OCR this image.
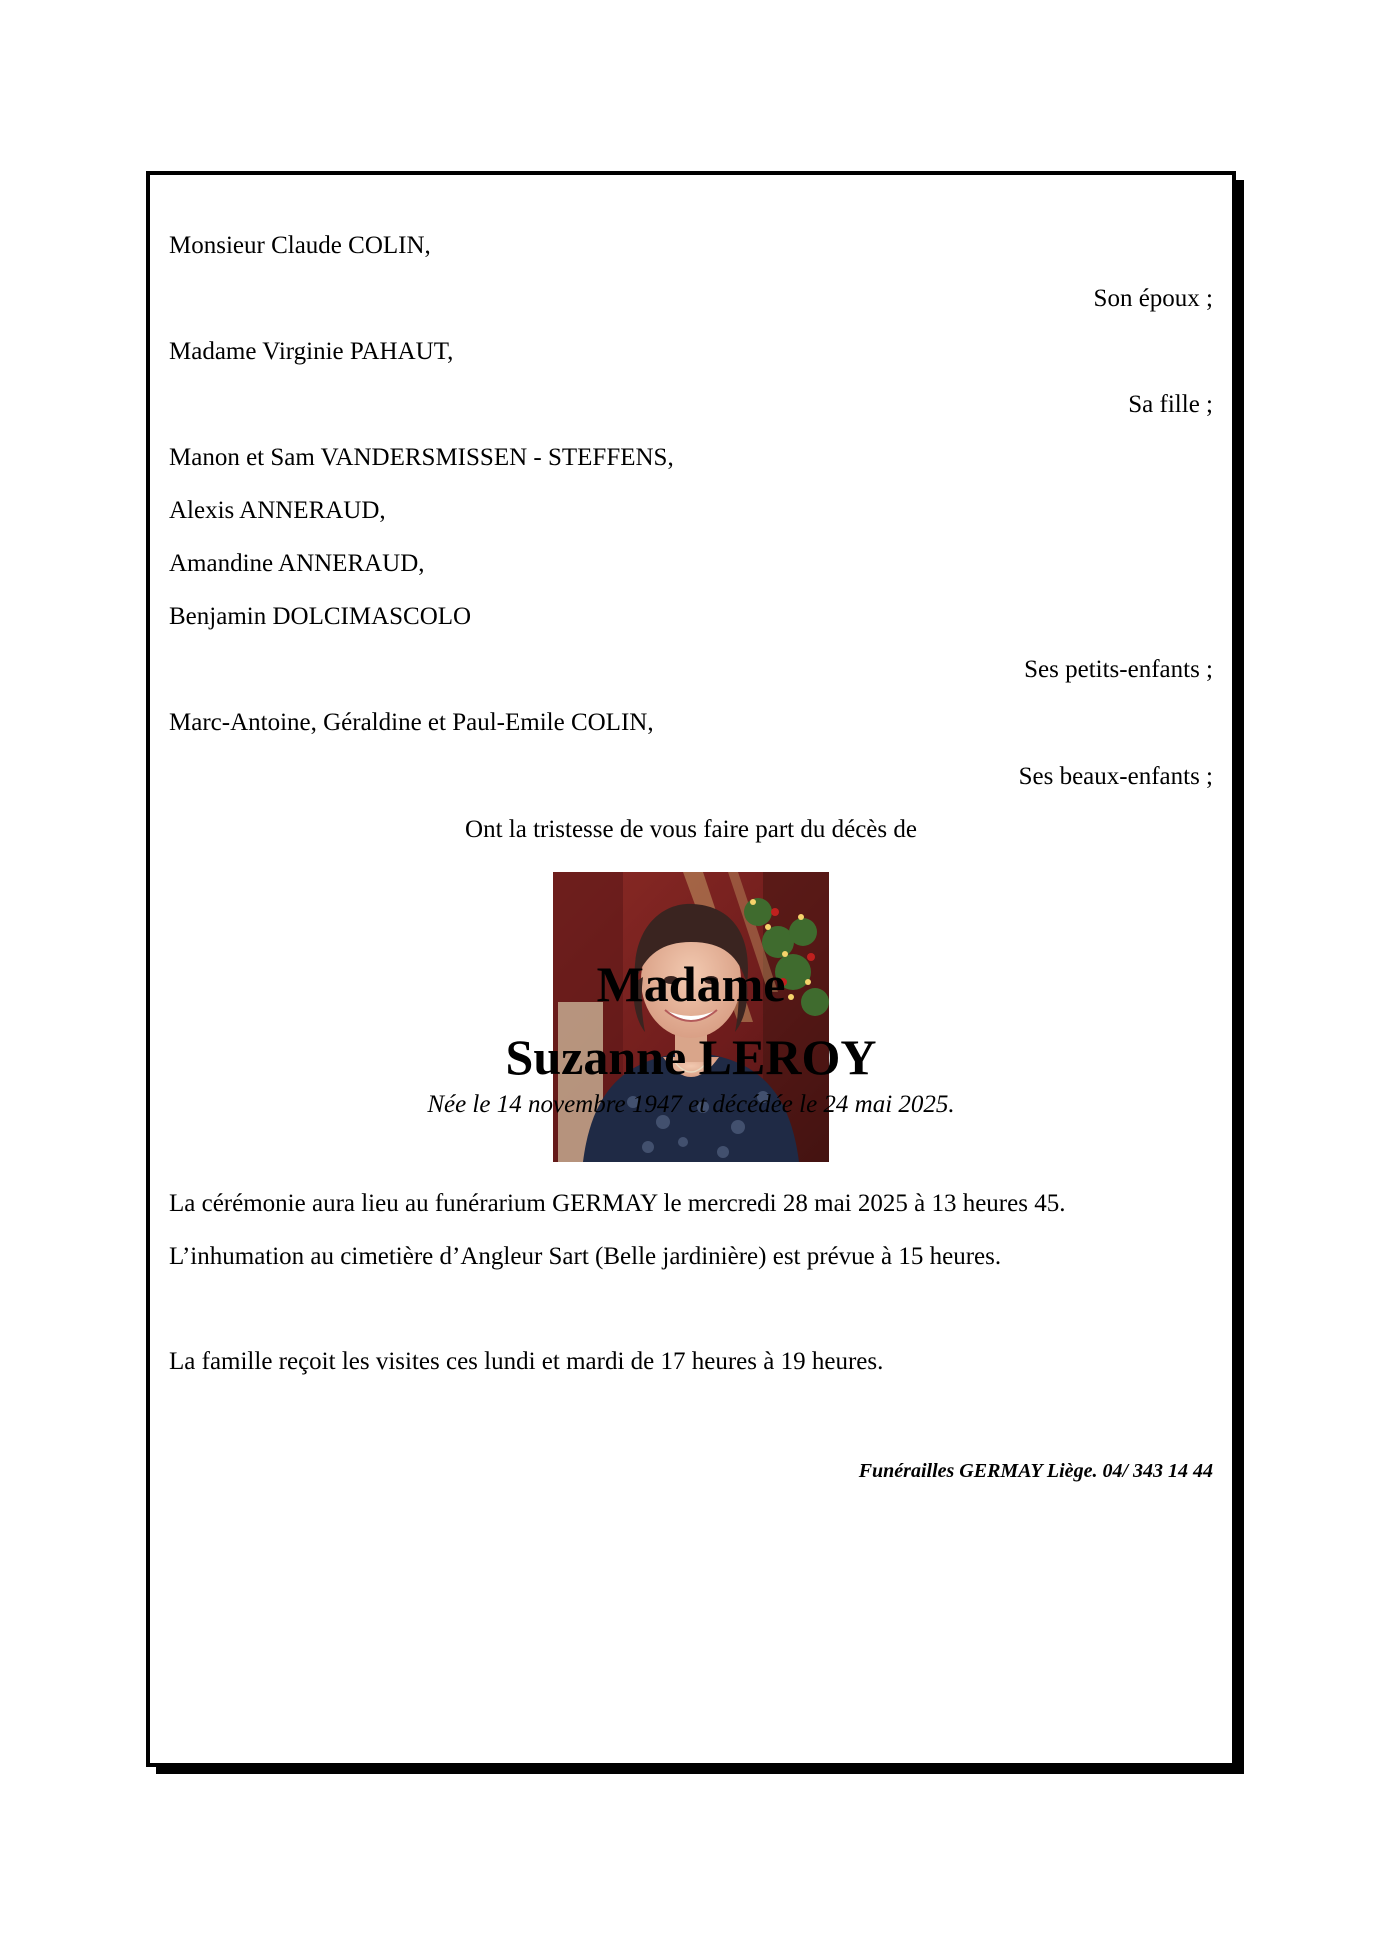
Monsieur Claude COLIN,
Son époux ;
Madame Virginie PAHAUT,
Sa fille ;
Manon et Sam VANDERSMISSEN - STEFFENS,
Alexis ANNERAUD,
Amandine ANNERAUD,
Benjamin DOLCIMASCOLO
Ses petits-enfants ;
Marc-Antoine, Géraldine et Paul-Emile COLIN,
Ses beaux-enfants ;
Ont la tristesse de vous faire part du décès de
Madame
Suzanne LEROY
Née le 14 novembre 1947 et décédée le 24 mai 2025.
La cérémonie aura lieu au funérarium GERMAY le mercredi 28 mai 2025 à 13 heures 45.
L’inhumation au cimetière d’Angleur Sart (Belle jardinière) est prévue à 15 heures.
La famille reçoit les visites ces lundi et mardi de 17 heures à 19 heures.
Funérailles GERMAY Liège. 04/ 343 14 44
